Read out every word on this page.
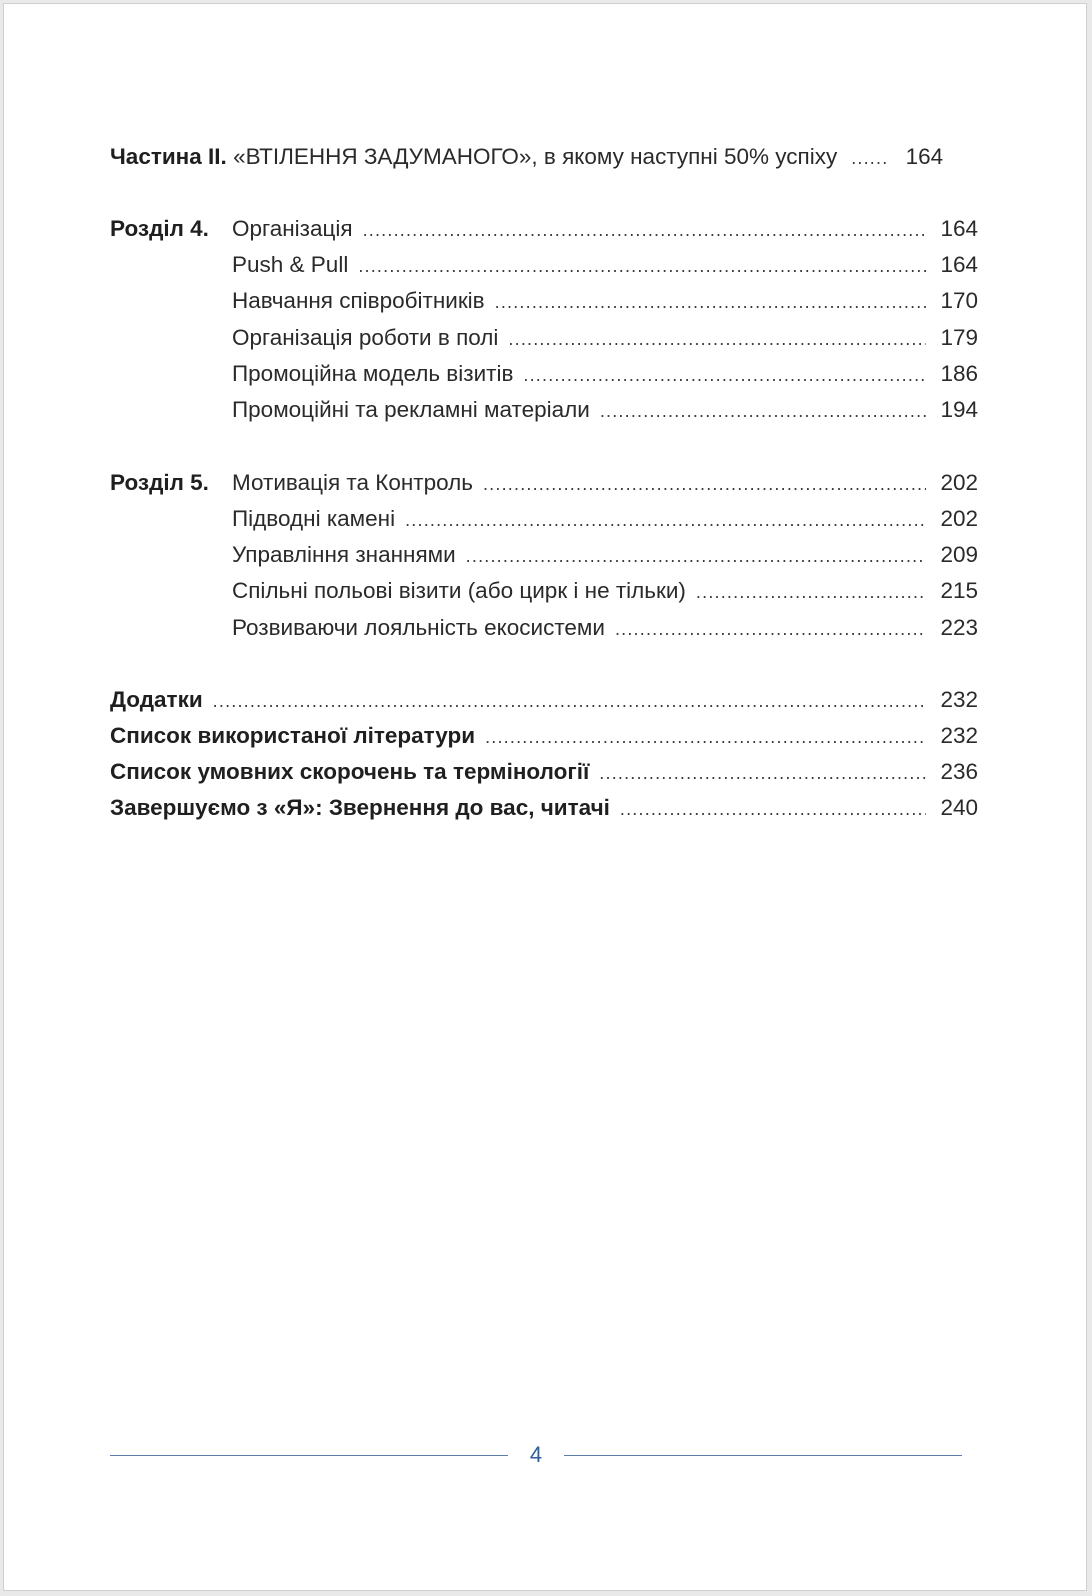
Частина II. «ВТІЛЕННЯ ЗАДУМАНОГО», в якому наступні 50% успіху .....	164
Розділ 4. Організація .....	164
Push & Pull .....	164
Навчання співробітників .....	170
Організація роботи в полі .....	179
Промоційна модель візитів .....	186
Промоційні та рекламні матеріали .....	194
Розділ 5. Мотивація та Контроль .....	202
Підводні камені .....	202
Управління знаннями .....	209
Спільні польові візити (або цирк і не тільки) .....	215
Розвиваючи лояльність екосистеми .....	223
Додатки .....	232
Список використаної літератури .....	232
Список умовних скорочень та термінології .....	236
Завершуємо з «Я»: Звернення до вас, читачі .....	240
4
